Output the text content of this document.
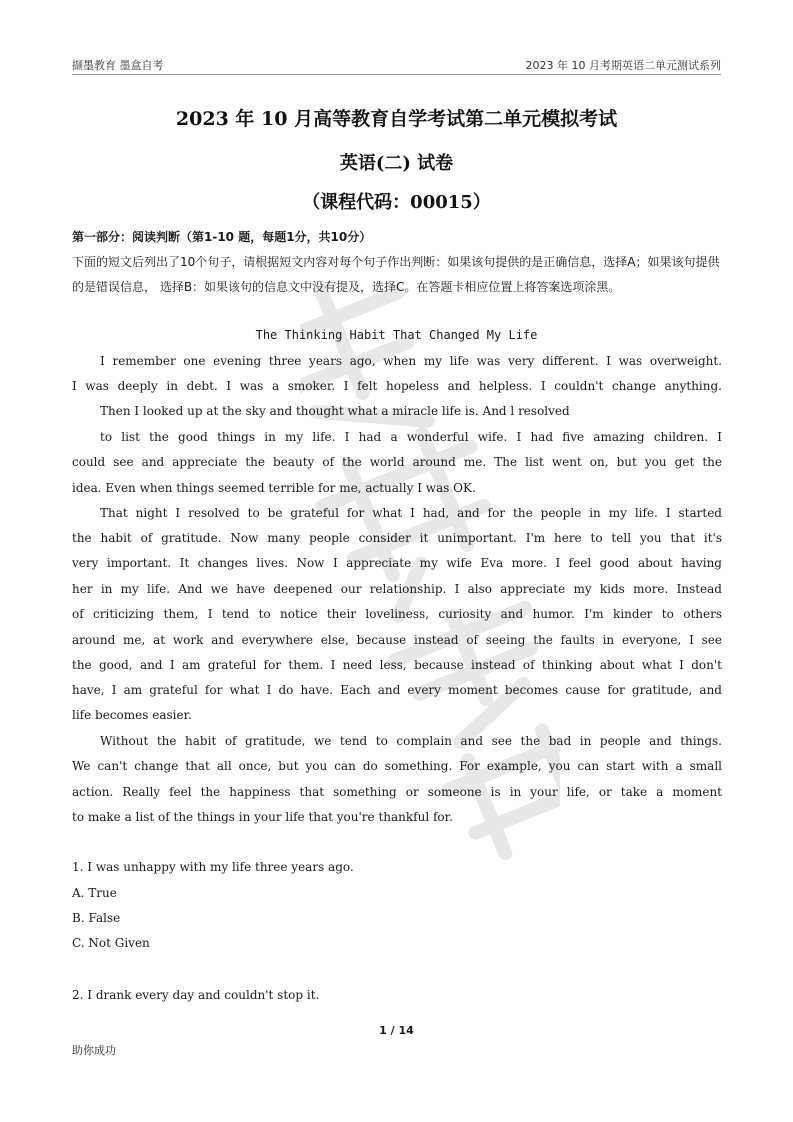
撷墨教育 墨盒自考	2023 年 10 月考期英语二单元测试系列
2023 年 10 月高等教育自学考试第二单元模拟考试
英语(二) 试卷
（课程代码：00015）
第一部分：阅读判断（第1-10 题，每题1分，共10分）
下面的短文后列出了10个句子，请根据短文内容对每个句子作出判断：如果该句提供的是正确信息，选择A；如果该句提供的是错误信息， 选择B：如果该句的信息文中没有提及，选择C。在答题卡相应位置上将答案选项涂黑。
The Thinking Habit That Changed My Life
I remember one evening three years ago, when my life was very different. I was overweight.
I was deeply in debt. I was a smoker. I felt hopeless and helpless. I couldn't change anything.
Then I looked up at the sky and thought what a miracle life is. And l resolved
to list the good things in my life. I had a wonderful wife. I had five amazing children. I
could see and appreciate the beauty of the world around me. The list went on, but you get the
idea. Even when things seemed terrible for me, actually I was OK.
That night I resolved to be grateful for what I had, and for the people in my life. I started
the habit of gratitude. Now many people consider it unimportant. I'm here to tell you that it's
very important. It changes lives. Now I appreciate my wife Eva more. I feel good about having
her in my life. And we have deepened our relationship. I also appreciate my kids more. Instead
of criticizing them, I tend to notice their loveliness, curiosity and humor. I'm kinder to others
around me, at work and everywhere else, because instead of seeing the faults in everyone, I see
the good, and I am grateful for them. I need less, because instead of thinking about what I don't
have, I am grateful for what I do have. Each and every moment becomes cause for gratitude, and
life becomes easier.
Without the habit of gratitude, we tend to complain and see the bad in people and things.
We can't change that all once, but you can do something. For example, you can start with a small
action. Really feel the happiness that something or someone is in your life, or take a moment
to make a list of the things in your life that you're thankful for.
1. I was unhappy with my life three years ago.
A. True
B. False
C. Not Given
2. I drank every day and couldn't stop it.
1 / 14
助你成功
